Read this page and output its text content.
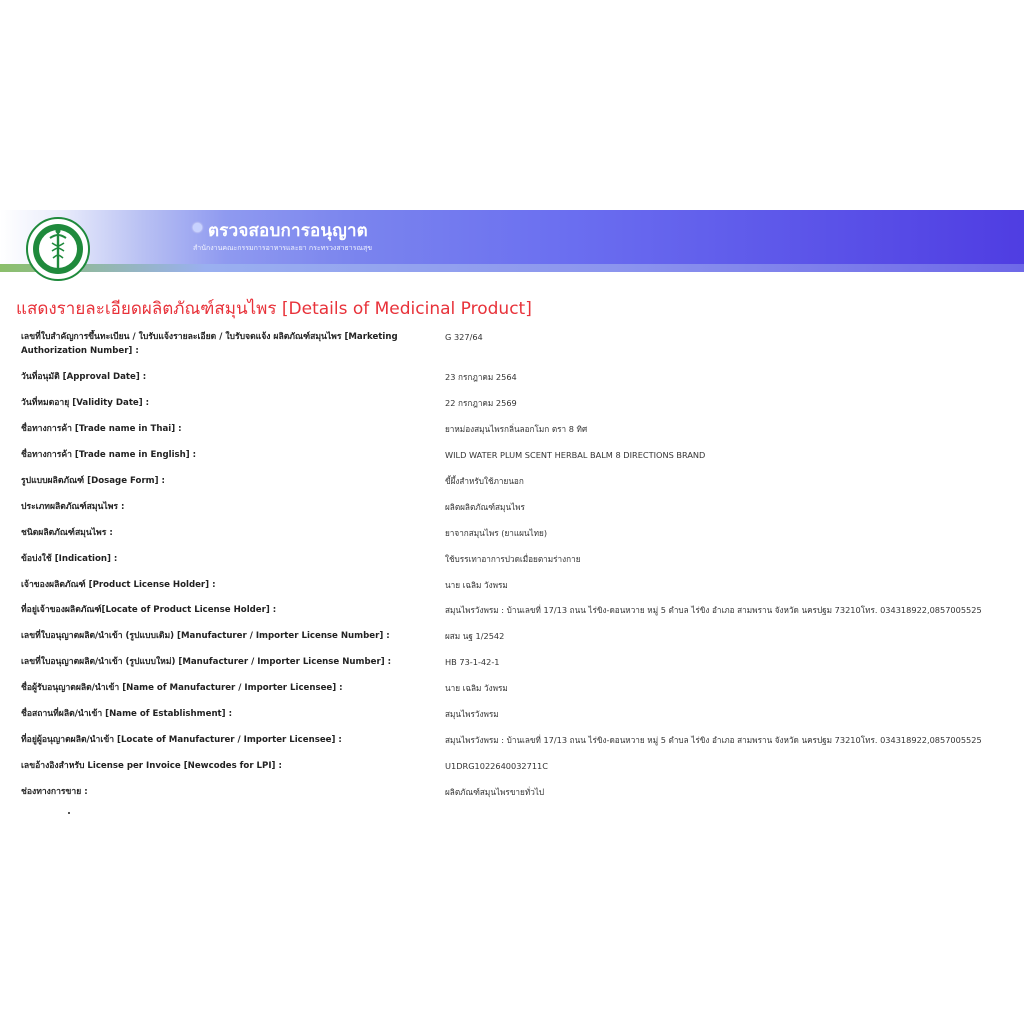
ตรวจสอบการอนุญาต
สำนักงานคณะกรรมการอาหารและยา กระทรวงสาธารณสุข
แสดงรายละเอียดผลิตภัณฑ์สมุนไพร [Details of Medicinal Product]
เลขที่ใบสำคัญการขึ้นทะเบียน / ใบรับแจ้งรายละเอียด / ใบรับจดแจ้ง ผลิตภัณฑ์สมุนไพร [Marketing Authorization Number] :
G 327/64
วันที่อนุมัติ [Approval Date] :	23 กรกฎาคม 2564
วันที่หมดอายุ [Validity Date] :	22 กรกฎาคม 2569
ชื่อทางการค้า [Trade name in Thai] :	ยาหม่องสมุนไพรกลิ่นลอกโมก ตรา 8 ทิศ
ชื่อทางการค้า [Trade name in English] :	WILD WATER PLUM SCENT HERBAL BALM 8 DIRECTIONS BRAND
รูปแบบผลิตภัณฑ์ [Dosage Form] :	ขี้ผึ้งสำหรับใช้ภายนอก
ประเภทผลิตภัณฑ์สมุนไพร :	ผลิตผลิตภัณฑ์สมุนไพร
ชนิดผลิตภัณฑ์สมุนไพร :	ยาจากสมุนไพร (ยาแผนไทย)
ข้อบ่งใช้ [Indication] :	ใช้บรรเทาอาการปวดเมื่อยตามร่างกาย
เจ้าของผลิตภัณฑ์ [Product License Holder] :	นาย เฉลิม วังพรม
ที่อยู่เจ้าของผลิตภัณฑ์[Locate of Product License Holder] :	สมุนไพรวังพรม : บ้านเลขที่ 17/13 ถนน ไร่ขิง-ดอนหวาย หมู่ 5 ตำบล ไร่ขิง อำเภอ สามพราน จังหวัด นครปฐม 73210โทร. 034318922,0857005525
เลขที่ใบอนุญาตผลิต/นำเข้า (รูปแบบเดิม) [Manufacturer / Importer License Number] :	ผสม นฐ 1/2542
เลขที่ใบอนุญาตผลิต/นำเข้า (รูปแบบใหม่) [Manufacturer / Importer License Number] :	HB 73-1-42-1
ชื่อผู้รับอนุญาตผลิต/นำเข้า [Name of Manufacturer / Importer Licensee] :	นาย เฉลิม วังพรม
ชื่อสถานที่ผลิต/นำเข้า [Name of Establishment] :	สมุนไพรวังพรม
ที่อยู่ผู้อนุญาตผลิต/นำเข้า [Locate of Manufacturer / Importer Licensee] :	สมุนไพรวังพรม : บ้านเลขที่ 17/13 ถนน ไร่ขิง-ดอนหวาย หมู่ 5 ตำบล ไร่ขิง อำเภอ สามพราน จังหวัด นครปฐม 73210โทร. 034318922,0857005525
เลขอ้างอิงสำหรับ License per Invoice [Newcodes for LPI] :	U1DRG1022640032711C
ช่องทางการขาย :	ผลิตภัณฑ์สมุนไพรขายทั่วไป
